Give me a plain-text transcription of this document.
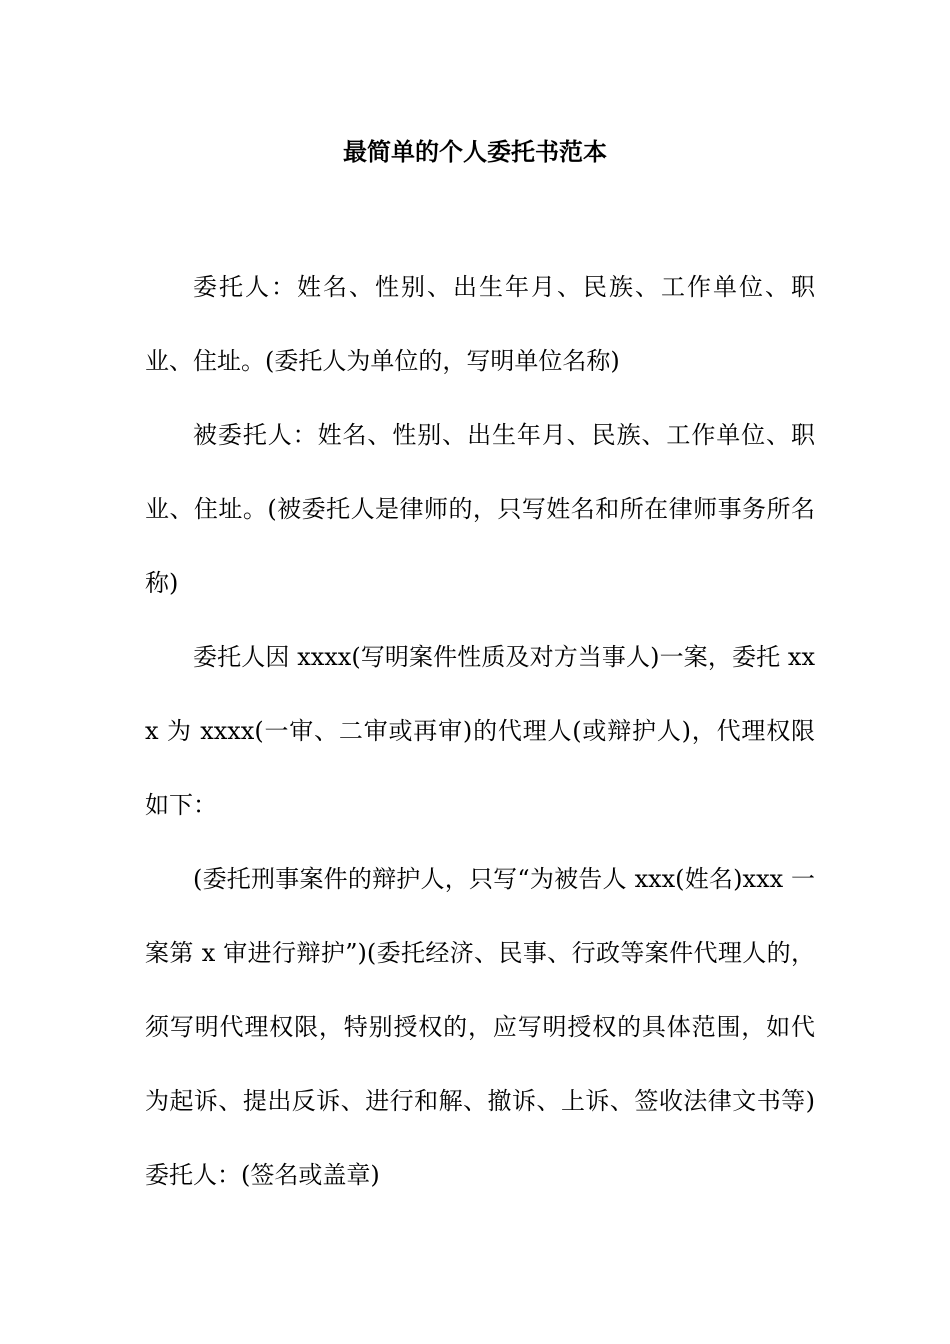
最简单的个人委托书范本

委托人：姓名、性别、出生年月、民族、工作单位、职业、住址。(委托人为单位的，写明单位名称)

被委托人：姓名、性别、出生年月、民族、工作单位、职业、住址。(被委托人是律师的，只写姓名和所在律师事务所名称)

委托人因 xxxx(写明案件性质及对方当事人)一案，委托 xxx 为 xxxx(一审、二审或再审)的代理人(或辩护人)，代理权限如下：

(委托刑事案件的辩护人，只写“为被告人 xxx(姓名)xxx 一案第 x 审进行辩护”)(委托经济、民事、行政等案件代理人的，须写明代理权限，特别授权的，应写明授权的具体范围，如代为起诉、提出反诉、进行和解、撤诉、上诉、签收法律文书等) 委托人：(签名或盖章)
